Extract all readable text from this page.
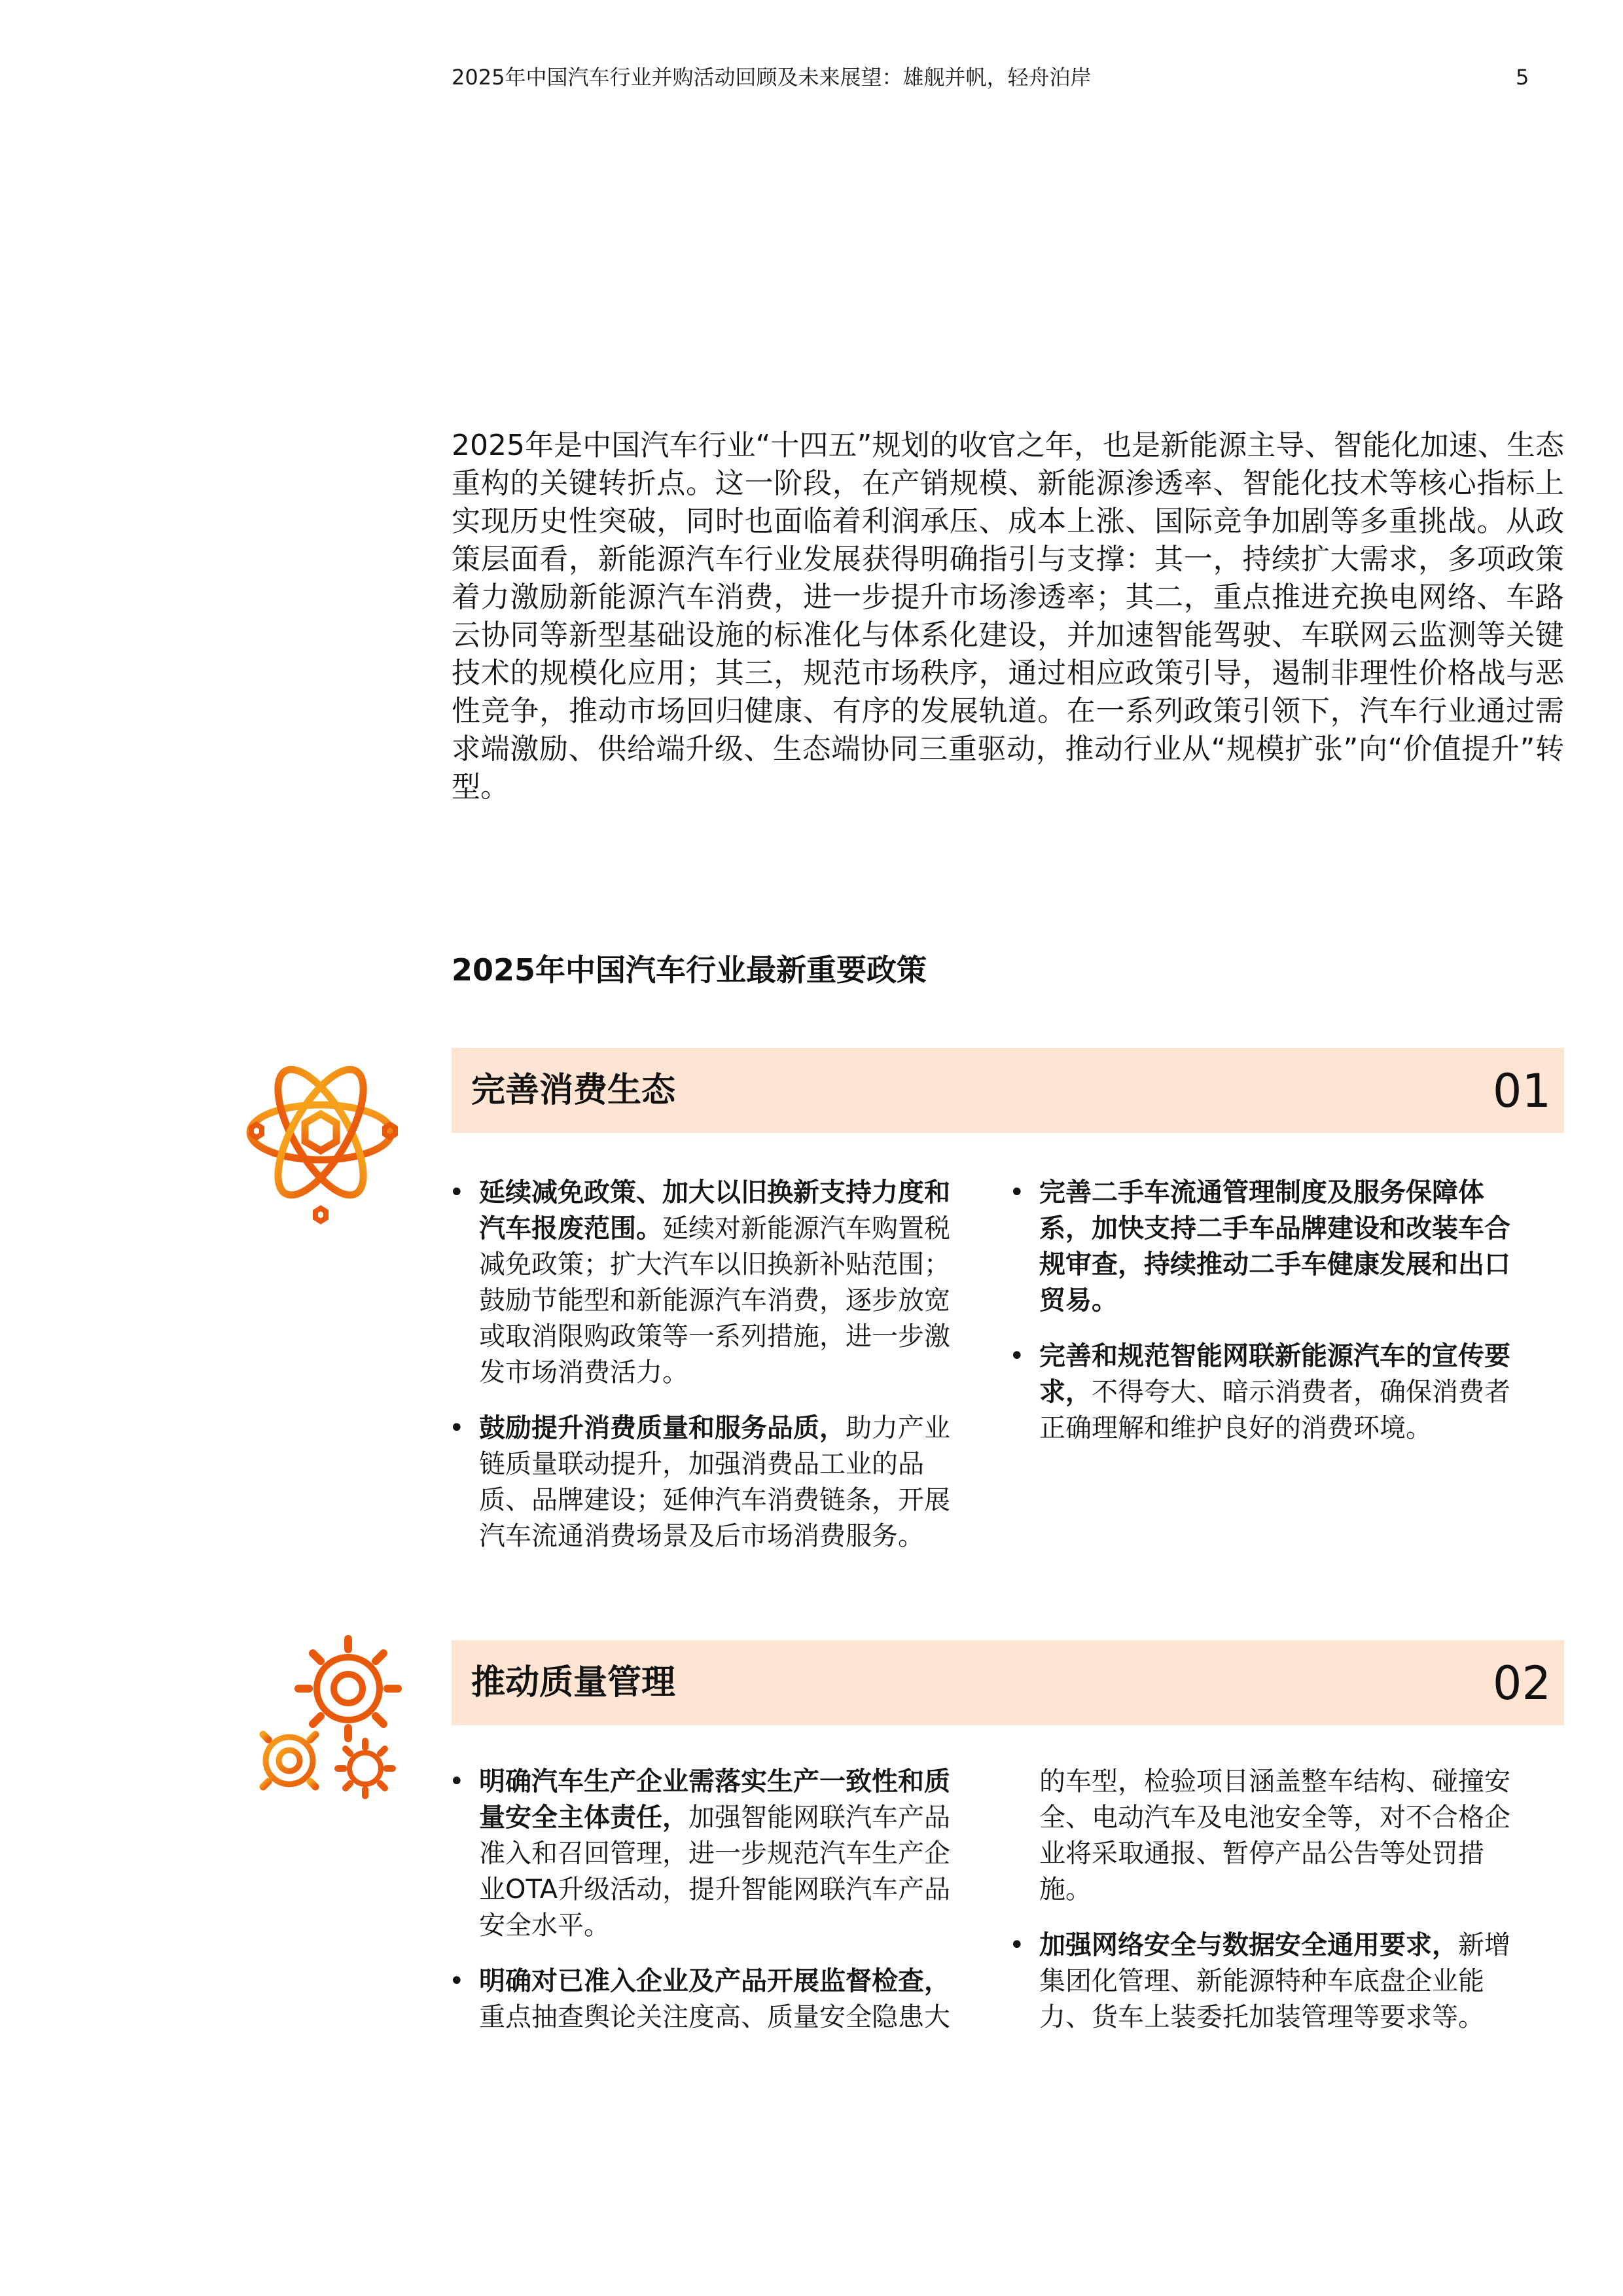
2025年中国汽车行业并购活动回顾及未来展望：雄舰并帆，轻舟泊岸	5

2025年是中国汽车行业“十四五”规划的收官之年，也是新能源主导、智能化加速、生态重构的关键转折点。这一阶段，在产销规模、新能源渗透率、智能化技术等核心指标上实现历史性突破，同时也面临着利润承压、成本上涨、国际竞争加剧等多重挑战。从政策层面看，新能源汽车行业发展获得明确指引与支撑：其一，持续扩大需求，多项政策着力激励新能源汽车消费，进一步提升市场渗透率；其二，重点推进充换电网络、车路云协同等新型基础设施的标准化与体系化建设，并加速智能驾驶、车联网云监测等关键技术的规模化应用；其三，规范市场秩序，通过相应政策引导，遏制非理性价格战与恶性竞争，推动市场回归健康、有序的发展轨道。在一系列政策引领下，汽车行业通过需求端激励、供给端升级、生态端协同三重驱动，推动行业从“规模扩张”向“价值提升”转型。

2025年中国汽车行业最新重要政策
完善消费生态	01
• 延续减免政策、加大以旧换新支持力度和汽车报废范围。延续对新能源汽车购置税减免政策；扩大汽车以旧换新补贴范围；鼓励节能型和新能源汽车消费，逐步放宽或取消限购政策等一系列措施，进一步激发市场消费活力。
• 鼓励提升消费质量和服务品质，助力产业链质量联动提升，加强消费品工业的品质、品牌建设；延伸汽车消费链条，开展汽车流通消费场景及后市场消费服务。
• 完善二手车流通管理制度及服务保障体系，加快支持二手车品牌建设和改装车合规审查，持续推动二手车健康发展和出口贸易。
• 完善和规范智能网联新能源汽车的宣传要求，不得夸大、暗示消费者，确保消费者正确理解和维护良好的消费环境。
推动质量管理	02
• 明确汽车生产企业需落实生产一致性和质量安全主体责任，加强智能网联汽车产品准入和召回管理，进一步规范汽车生产企业OTA升级活动，提升智能网联汽车产品安全水平。
• 明确对已准入企业及产品开展监督检查，重点抽查舆论关注度高、质量安全隐患大
的车型，检验项目涵盖整车结构、碰撞安全、电动汽车及电池安全等，对不合格企业将采取通报、暂停产品公告等处罚措施。
• 加强网络安全与数据安全通用要求，新增集团化管理、新能源特种车底盘企业能力、货车上装委托加装管理等要求等。
